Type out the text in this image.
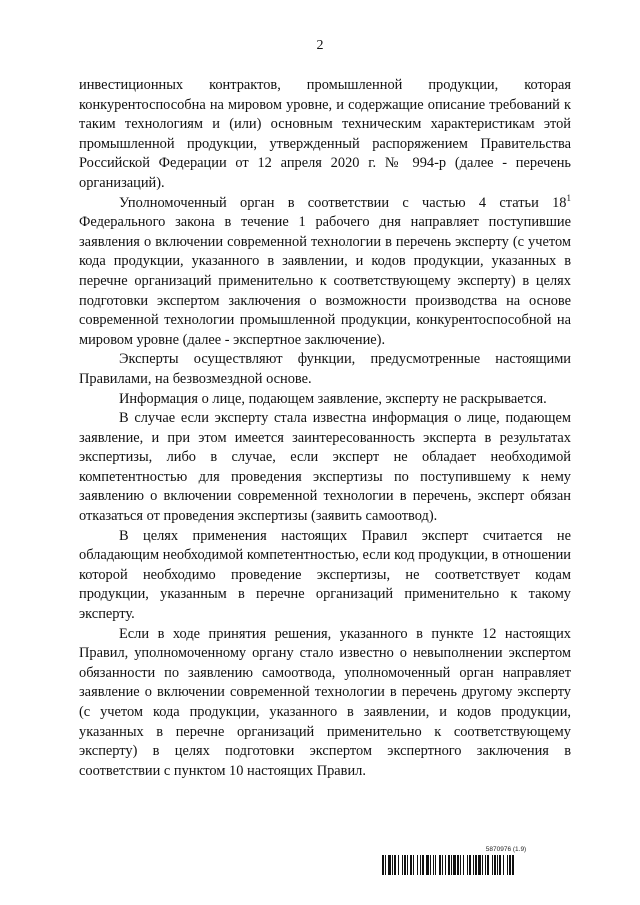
2

инвестиционных контрактов, промышленной продукции, которая конкурентоспособна на мировом уровне, и содержащие описание требований к таким технологиям и (или) основным техническим характеристикам этой промышленной продукции, утвержденный распоряжением Правительства Российской Федерации от 12 апреля 2020 г. № 994-р (далее - перечень организаций).

Уполномоченный орган в соответствии с частью 4 статьи $18^1$ Федерального закона в течение 1 рабочего дня направляет поступившие заявления о включении современной технологии в перечень эксперту (с учетом кода продукции, указанного в заявлении, и кодов продукции, указанных в перечне организаций применительно к соответствующему эксперту) в целях подготовки экспертом заключения о возможности производства на основе современной технологии промышленной продукции, конкурентоспособной на мировом уровне (далее - экспертное заключение).

Эксперты осуществляют функции, предусмотренные настоящими Правилами, на безвозмездной основе.

Информация о лице, подающем заявление, эксперту не раскрывается.

В случае если эксперту стала известна информация о лице, подающем заявление, и при этом имеется заинтересованность эксперта в результатах экспертизы, либо в случае, если эксперт не обладает необходимой компетентностью для проведения экспертизы по поступившему к нему заявлению о включении современной технологии в перечень, эксперт обязан отказаться от проведения экспертизы (заявить самоотвод).

В целях применения настоящих Правил эксперт считается не обладающим необходимой компетентностью, если код продукции, в отношении которой необходимо проведение экспертизы, не соответствует кодам продукции, указанным в перечне организаций применительно к такому эксперту.

Если в ходе принятия решения, указанного в пункте 12 настоящих Правил, уполномоченному органу стало известно о невыполнении экспертом обязанности по заявлению самоотвода, уполномоченный орган направляет заявление о включении современной технологии в перечень другому эксперту (с учетом кода продукции, указанного в заявлении, и кодов продукции, указанных в перечне организаций применительно к соответствующему эксперту) в целях подготовки экспертом экспертного заключения в соответствии с пунктом 10 настоящих Правил.

5870976 (1.9)
